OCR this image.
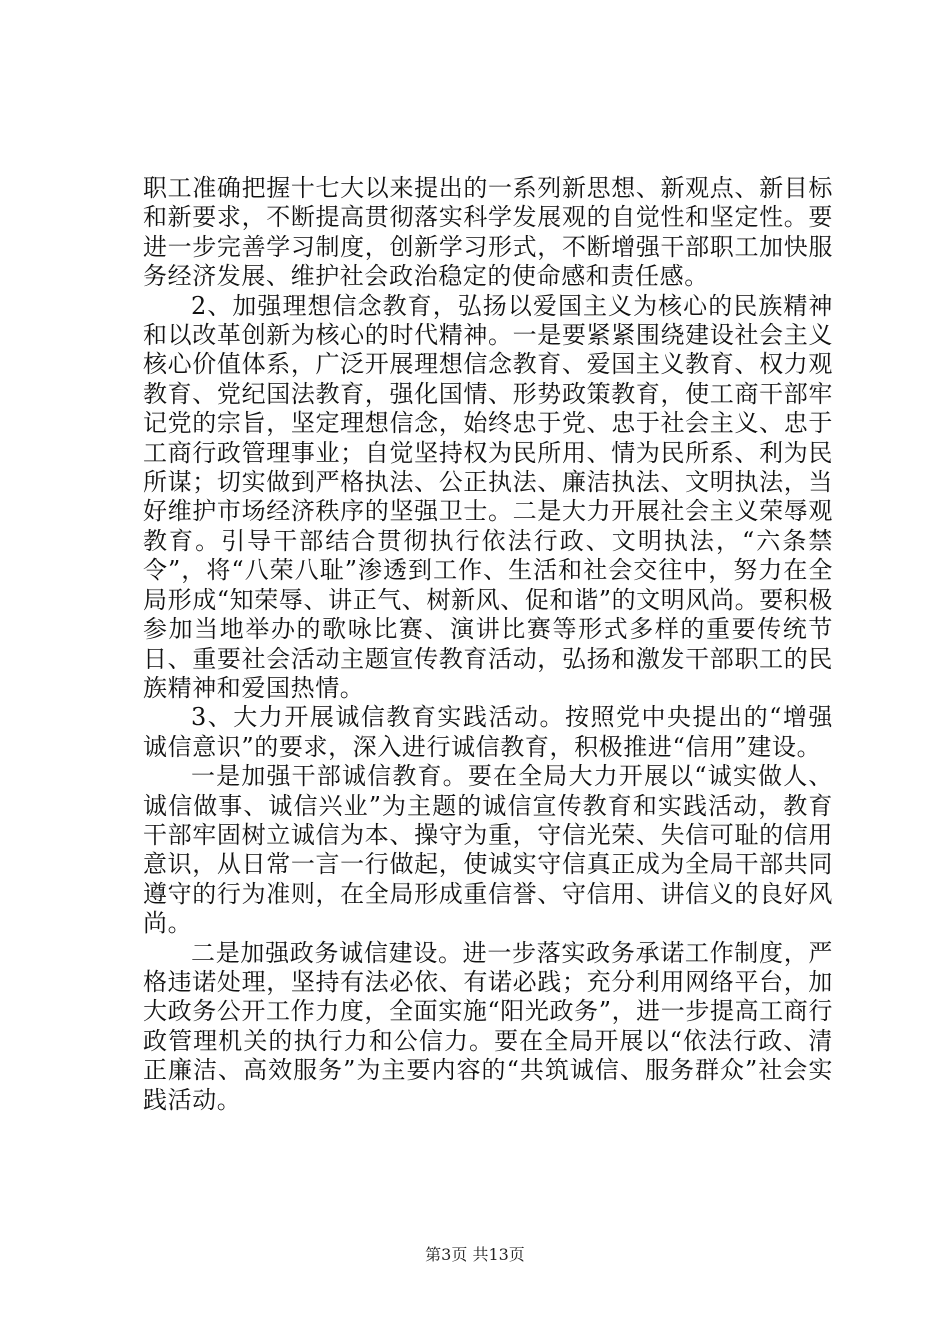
职工准确把握十七大以来提出的一系列新思想、新观点、新目标和新要求，不断提高贯彻落实科学发展观的自觉性和坚定性。要进一步完善学习制度，创新学习形式，不断增强干部职工加快服务经济发展、维护社会政治稳定的使命感和责任感。

2、加强理想信念教育，弘扬以爱国主义为核心的民族精神和以改革创新为核心的时代精神。一是要紧紧围绕建设社会主义核心价值体系，广泛开展理想信念教育、爱国主义教育、权力观教育、党纪国法教育，强化国情、形势政策教育，使工商干部牢记党的宗旨，坚定理想信念，始终忠于党、忠于社会主义、忠于工商行政管理事业；自觉坚持权为民所用、情为民所系、利为民所谋；切实做到严格执法、公正执法、廉洁执法、文明执法，当好维护市场经济秩序的坚强卫士。二是大力开展社会主义荣辱观教育。引导干部结合贯彻执行依法行政、文明执法，“六条禁令”，将“八荣八耻”渗透到工作、生活和社会交往中，努力在全局形成“知荣辱、讲正气、树新风、促和谐”的文明风尚。要积极参加当地举办的歌咏比赛、演讲比赛等形式多样的重要传统节日、重要社会活动主题宣传教育活动，弘扬和激发干部职工的民族精神和爱国热情。

3、大力开展诚信教育实践活动。按照党中央提出的“增强诚信意识”的要求，深入进行诚信教育，积极推进“信用”建设。

一是加强干部诚信教育。要在全局大力开展以“诚实做人、诚信做事、诚信兴业”为主题的诚信宣传教育和实践活动，教育干部牢固树立诚信为本、操守为重，守信光荣、失信可耻的信用意识，从日常一言一行做起，使诚实守信真正成为全局干部共同遵守的行为准则，在全局形成重信誉、守信用、讲信义的良好风尚。

二是加强政务诚信建设。进一步落实政务承诺工作制度，严格违诺处理，坚持有法必依、有诺必践；充分利用网络平台，加大政务公开工作力度，全面实施“阳光政务”，进一步提高工商行政管理机关的执行力和公信力。要在全局开展以“依法行政、清正廉洁、高效服务”为主要内容的“共筑诚信、服务群众”社会实践活动。

第3页 共13页
